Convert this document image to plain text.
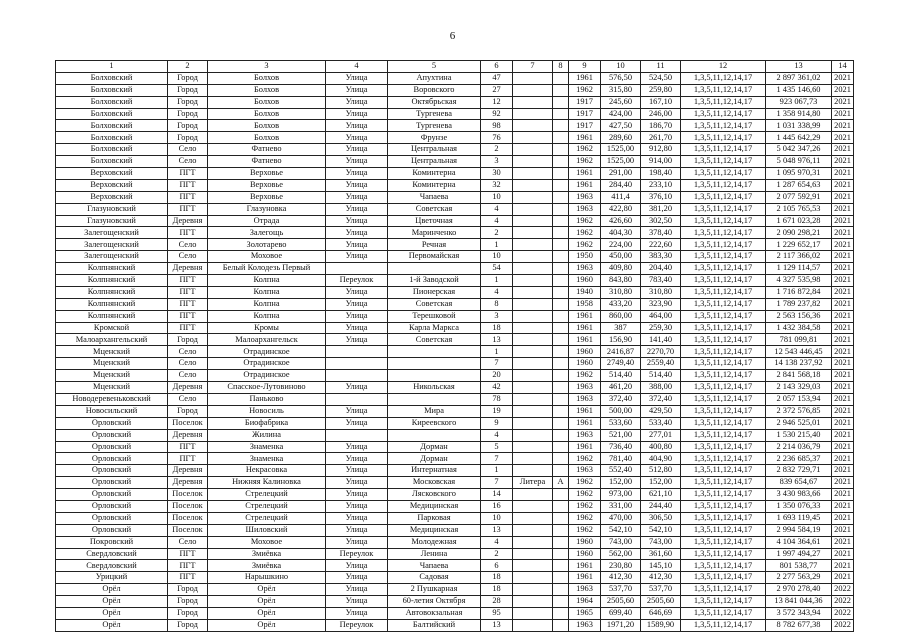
6
1	2	3	4	5	6	7	8	9	10	11	12	13	14
Болховский	Город	Болхов	Улица	Апухтина	47			1961	576,50	524,50	1,3,5,11,12,14,17	2 897 361,02	2021
Болховский	Город	Болхов	Улица	Воровского	27			1962	315,80	259,80	1,3,5,11,12,14,17	1 435 146,60	2021
Болховский	Город	Болхов	Улица	Октябрьская	12			1917	245,60	167,10	1,3,5,11,12,14,17	923 067,73	2021
Болховский	Город	Болхов	Улица	Тургенева	92			1917	424,00	246,00	1,3,5,11,12,14,17	1 358 914,80	2021
Болховский	Город	Болхов	Улица	Тургенева	98			1917	427,50	186,70	1,3,5,11,12,14,17	1 031 338,99	2021
Болховский	Город	Болхов	Улица	Фрунзе	76			1961	289,60	261,70	1,3,5,11,12,14,17	1 445 642,29	2021
Болховский	Село	Фатнево	Улица	Центральная	2			1962	1525,00	912,80	1,3,5,11,12,14,17	5 042 347,26	2021
Болховский	Село	Фатнево	Улица	Центральная	3			1962	1525,00	914,00	1,3,5,11,12,14,17	5 048 976,11	2021
Верховский	ПГТ	Верховье	Улица	Коминтерна	30			1961	291,00	198,40	1,3,5,11,12,14,17	1 095 970,31	2021
Верховский	ПГТ	Верховье	Улица	Коминтерна	32			1961	284,40	233,10	1,3,5,11,12,14,17	1 287 654,63	2021
Верховский	ПГТ	Верховье	Улица	Чапаева	10			1963	411,4	376,10	1,3,5,11,12,14,17	2 077 592,91	2021
Глазуновский	ПГТ	Глазуновка	Улица	Советская	4			1963	422,80	381,20	1,3,5,11,12,14,17	2 105 765,53	2021
Глазуновский	Деревня	Отрада	Улица	Цветочная	4			1962	426,60	302,50	1,3,5,11,12,14,17	1 671 023,28	2021
Залегощенский	ПГТ	Залегощь	Улица	Маринченко	2			1962	404,30	378,40	1,3,5,11,12,14,17	2 090 298,21	2021
Залегощенский	Село	Золотарево	Улица	Речная	1			1962	224,00	222,60	1,3,5,11,12,14,17	1 229 652,17	2021
Залегощенский	Село	Моховое	Улица	Первомайская	10			1950	450,00	383,30	1,3,5,11,12,14,17	2 117 366,02	2021
Колпнянский	Деревня	Белый Колодезь Первый			54			1963	409,80	204,40	1,3,5,11,12,14,17	1 129 114,57	2021
Колпнянский	ПГТ	Колпна	Переулок	1-й Заводской	1			1960	843,80	783,40	1,3,5,11,12,14,17	4 327 535,98	2021
Колпнянский	ПГТ	Колпна	Улица	Пионерская	4			1940	310,80	310,80	1,3,5,11,12,14,17	1 716 872,84	2021
Колпнянский	ПГТ	Колпна	Улица	Советская	8			1958	433,20	323,90	1,3,5,11,12,14,17	1 789 237,82	2021
Колпнянский	ПГТ	Колпна	Улица	Терешковой	3			1961	860,00	464,00	1,3,5,11,12,14,17	2 563 156,36	2021
Кромской	ПГТ	Кромы	Улица	Карла Маркса	18			1961	387	259,30	1,3,5,11,12,14,17	1 432 384,58	2021
Малоархангельский	Город	Малоархангельск	Улица	Советская	13			1961	156,90	141,40	1,3,5,11,12,14,17	781 099,81	2021
Мценский	Село	Отрадинское			1			1960	2416,87	2270,70	1,3,5,11,12,14,17	12 543 446,45	2021
Мценский	Село	Отрадинское			7			1960	2749,40	2559,40	1,3,5,11,12,14,17	14 138 237,92	2021
Мценский	Село	Отрадинское			20			1962	514,40	514,40	1,3,5,11,12,14,17	2 841 568,18	2021
Мценский	Деревня	Спасское-Лутовиново	Улица	Никольская	42			1963	461,20	388,00	1,3,5,11,12,14,17	2 143 329,03	2021
Новодеревеньковский	Село	Паньково			78			1963	372,40	372,40	1,3,5,11,12,14,17	2 057 153,94	2021
Новосильский	Город	Новосиль	Улица	Мира	19			1961	500,00	429,50	1,3,5,11,12,14,17	2 372 576,85	2021
Орловский	Поселок	Биофабрика	Улица	Киреевского	9			1961	533,60	533,40	1,3,5,11,12,14,17	2 946 525,01	2021
Орловский	Деревня	Жилина			4			1963	521,00	277,01	1,3,5,11,12,14,17	1 530 215,40	2021
Орловский	ПГТ	Знаменка	Улица	Дорман	5			1961	736,40	400,80	1,3,5,11,12,14,17	2 214 036,79	2021
Орловский	ПГТ	Знаменка	Улица	Дорман	7			1962	781,40	404,90	1,3,5,11,12,14,17	2 236 685,37	2021
Орловский	Деревня	Некрасовка	Улица	Интернатная	1			1963	552,40	512,80	1,3,5,11,12,14,17	2 832 729,71	2021
Орловский	Деревня	Нижняя Калиновка	Улица	Московская	7	Литера	А	1962	152,00	152,00	1,3,5,11,12,14,17	839 654,67	2021
Орловский	Поселок	Стрелецкий	Улица	Лясковского	14			1962	973,00	621,10	1,3,5,11,12,14,17	3 430 983,66	2021
Орловский	Поселок	Стрелецкий	Улица	Медицинская	16			1962	331,00	244,40	1,3,5,11,12,14,17	1 350 076,33	2021
Орловский	Поселок	Стрелецкий	Улица	Парковая	10			1962	470,00	306,50	1,3,5,11,12,14,17	1 693 119,45	2021
Орловский	Поселок	Шиловский	Улица	Медицинская	13			1962	542,10	542,10	1,3,5,11,12,14,17	2 994 584,19	2021
Покровский	Село	Моховое	Улица	Молодежная	4			1960	743,00	743,00	1,3,5,11,12,14,17	4 104 364,61	2021
Свердловский	ПГТ	Змиёвка	Переулок	Ленина	2			1960	562,00	361,60	1,3,5,11,12,14,17	1 997 494,27	2021
Свердловский	ПГТ	Змиёвка	Улица	Чапаева	6			1961	230,80	145,10	1,3,5,11,12,14,17	801 538,77	2021
Урицкий	ПГТ	Нарышкино	Улица	Садовая	18			1961	412,30	412,30	1,3,5,11,12,14,17	2 277 563,29	2021
Орёл	Город	Орёл	Улица	2 Пушкарная	18			1963	537,70	537,70	1,3,5,11,12,14,17	2 970 278,40	2022
Орёл	Город	Орёл	Улица	60-летия Октября	28			1964	2505,60	2505,60	1,3,5,11,12,14,17	13 841 044,36	2022
Орёл	Город	Орёл	Улица	Автовокзальная	95			1965	699,40	646,69	1,3,5,11,12,14,17	3 572 343,94	2022
Орёл	Город	Орёл	Переулок	Балтийский	13			1963	1971,20	1589,90	1,3,5,11,12,14,17	8 782 677,38	2022
